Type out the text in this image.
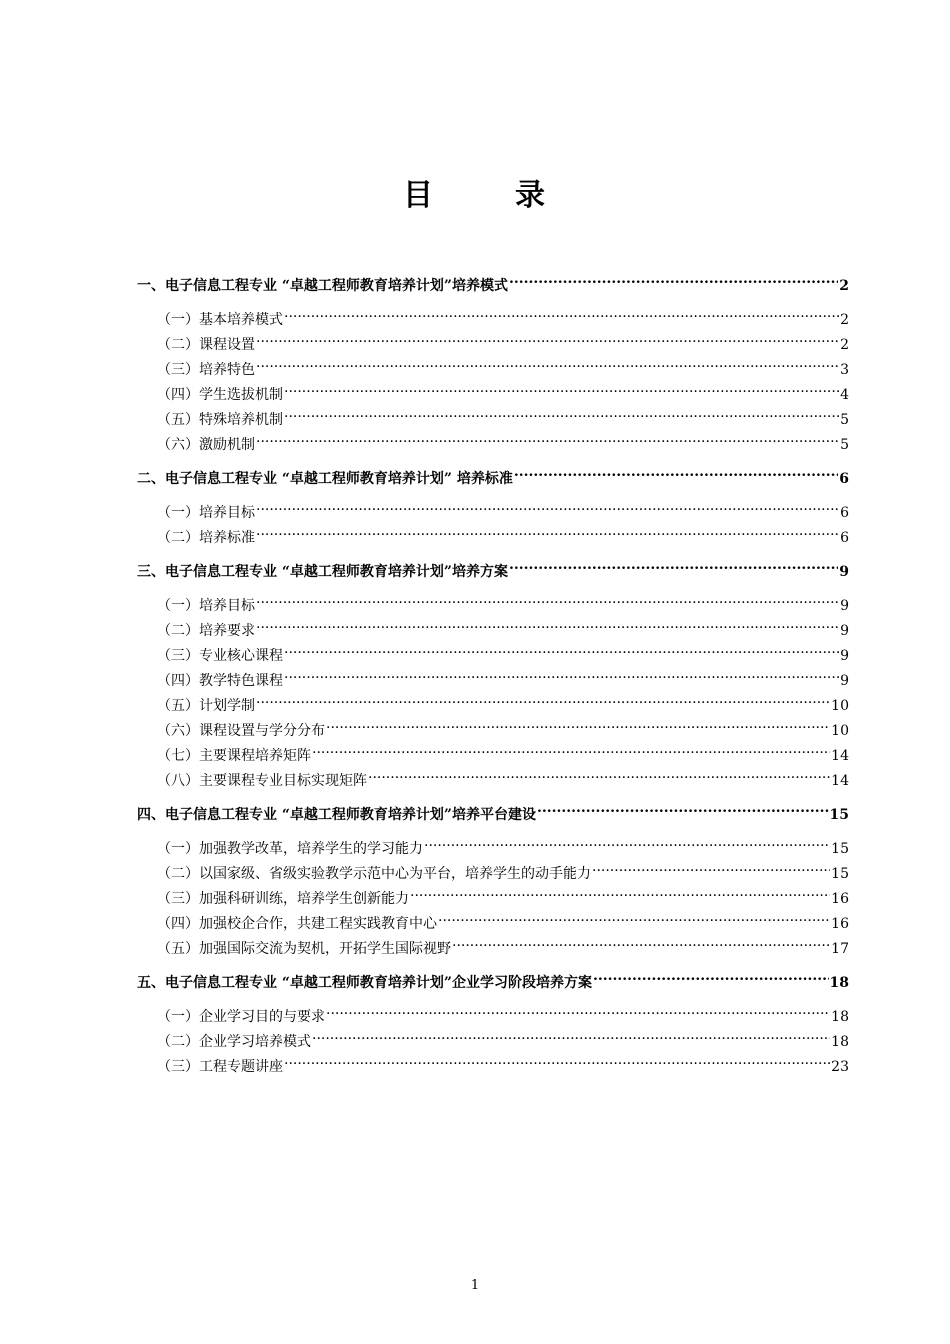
目	录
一、电子信息工程专业 “卓越工程师教育培养计划”培养模式 .....	2
（一）基本培养模式 .....	2
（二）课程设置 .....	2
（三）培养特色 .....	3
（四）学生选拔机制 .....	4
（五）特殊培养机制 .....	5
（六）激励机制 .....	5
二、电子信息工程专业 “卓越工程师教育培养计划” 培养标准 .....	6
（一）培养目标 .....	6
（二）培养标准 .....	6
三、电子信息工程专业 “卓越工程师教育培养计划”培养方案 .....	9
（一）培养目标 .....	9
（二）培养要求 .....	9
（三）专业核心课程 .....	9
（四）教学特色课程 .....	9
（五）计划学制 .....	10
（六）课程设置与学分分布 .....	10
（七）主要课程培养矩阵 .....	14
（八）主要课程专业目标实现矩阵 .....	14
四、电子信息工程专业 “卓越工程师教育培养计划”培养平台建设 .....	15
（一）加强教学改革，培养学生的学习能力 .....	15
（二）以国家级、省级实验教学示范中心为平台，培养学生的动手能力 .....	15
（三）加强科研训练，培养学生创新能力 .....	16
（四）加强校企合作，共建工程实践教育中心 .....	16
（五）加强国际交流为契机，开拓学生国际视野 .....	17
五、电子信息工程专业 “卓越工程师教育培养计划”企业学习阶段培养方案 .....	18
（一）企业学习目的与要求 .....	18
（二）企业学习培养模式 .....	18
（三）工程专题讲座 .....	23
1
